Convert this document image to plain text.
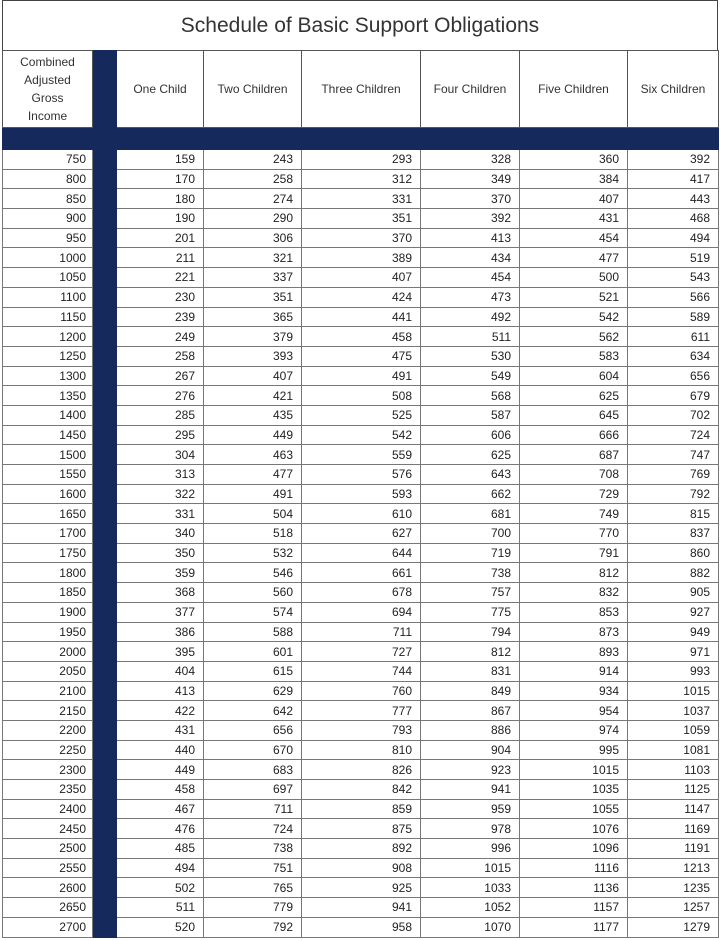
Schedule of Basic Support Obligations
Combined
Adjusted
Gross
Income		One Child	Two Children	Three Children	Four Children	Five Children	Six Children

750		159	243	293	328	360	392
800		170	258	312	349	384	417
850		180	274	331	370	407	443
900		190	290	351	392	431	468
950		201	306	370	413	454	494
1000		211	321	389	434	477	519
1050		221	337	407	454	500	543
1100		230	351	424	473	521	566
1150		239	365	441	492	542	589
1200		249	379	458	511	562	611
1250		258	393	475	530	583	634
1300		267	407	491	549	604	656
1350		276	421	508	568	625	679
1400		285	435	525	587	645	702
1450		295	449	542	606	666	724
1500		304	463	559	625	687	747
1550		313	477	576	643	708	769
1600		322	491	593	662	729	792
1650		331	504	610	681	749	815
1700		340	518	627	700	770	837
1750		350	532	644	719	791	860
1800		359	546	661	738	812	882
1850		368	560	678	757	832	905
1900		377	574	694	775	853	927
1950		386	588	711	794	873	949
2000		395	601	727	812	893	971
2050		404	615	744	831	914	993
2100		413	629	760	849	934	1015
2150		422	642	777	867	954	1037
2200		431	656	793	886	974	1059
2250		440	670	810	904	995	1081
2300		449	683	826	923	1015	1103
2350		458	697	842	941	1035	1125
2400		467	711	859	959	1055	1147
2450		476	724	875	978	1076	1169
2500		485	738	892	996	1096	1191
2550		494	751	908	1015	1116	1213
2600		502	765	925	1033	1136	1235
2650		511	779	941	1052	1157	1257
2700		520	792	958	1070	1177	1279
